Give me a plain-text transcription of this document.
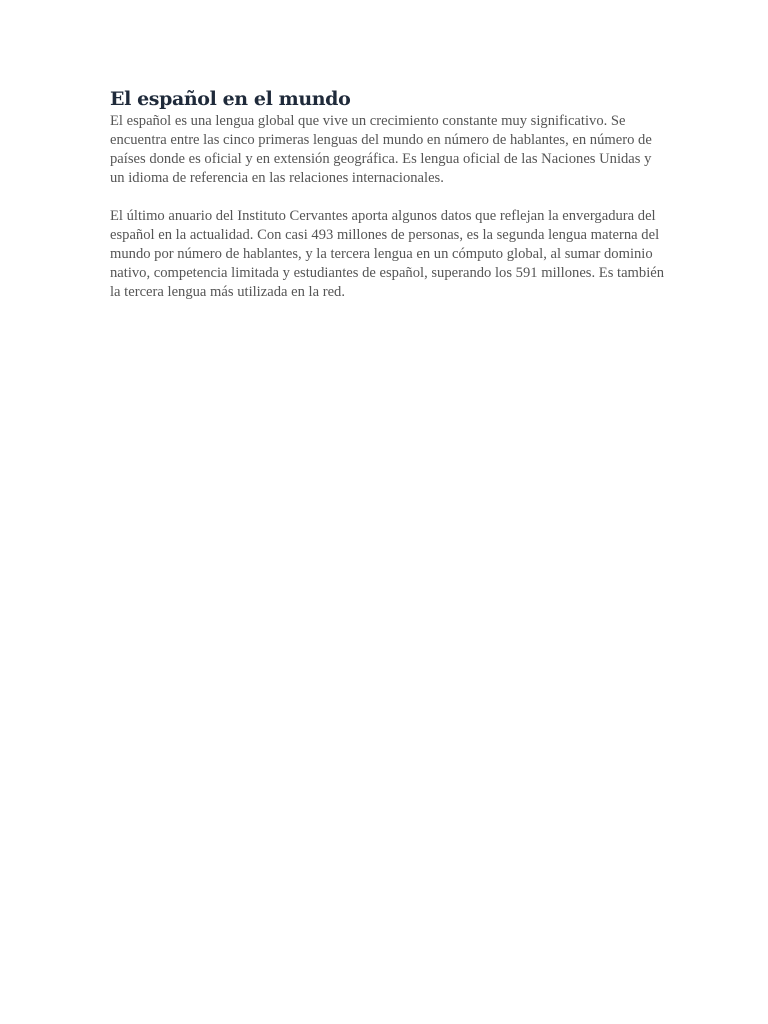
El español en el mundo

El español es una lengua global que vive un crecimiento constante muy significativo. Se encuentra entre las cinco primeras lenguas del mundo en número de hablantes, en número de países donde es oficial y en extensión geográfica. Es lengua oficial de las Naciones Unidas y un idioma de referencia en las relaciones internacionales.

El último anuario del Instituto Cervantes aporta algunos datos que reflejan la envergadura del español en la actualidad. Con casi 493 millones de personas, es la segunda lengua materna del mundo por número de hablantes, y la tercera lengua en un cómputo global, al sumar dominio nativo, competencia limitada y estudiantes de español, superando los 591 millones. Es también la tercera lengua más utilizada en la red.
